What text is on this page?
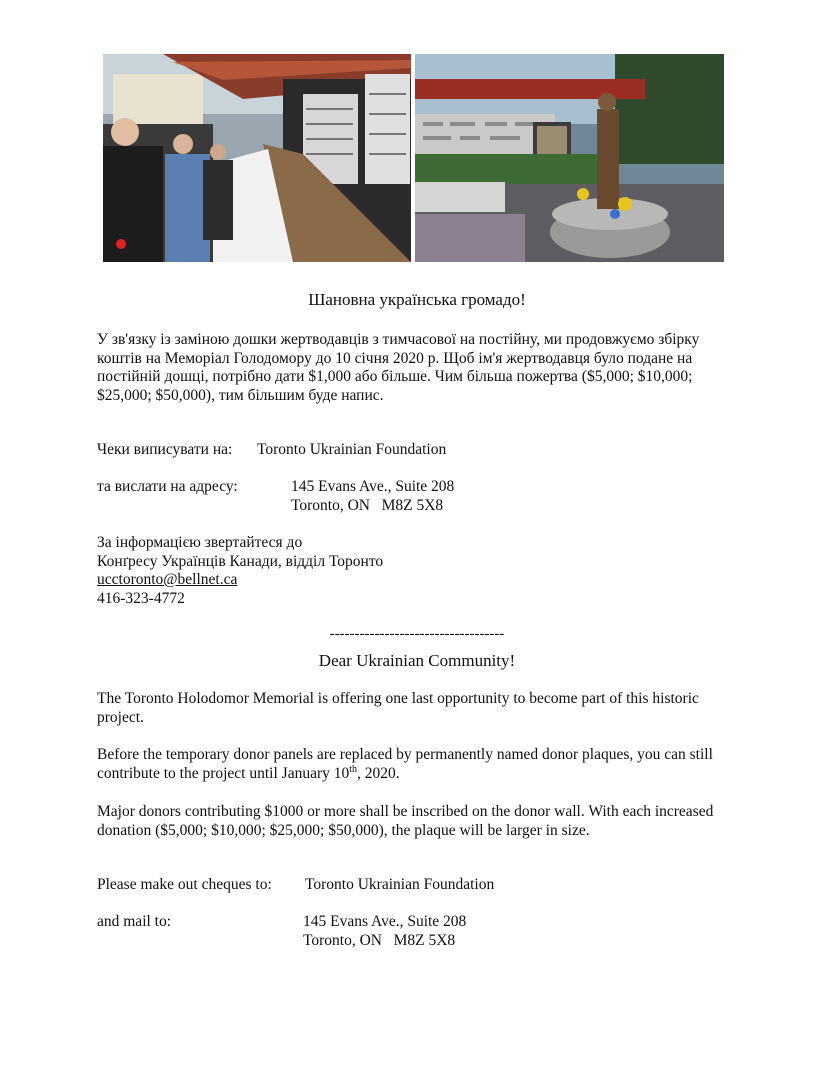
Шановна українська громадо!

У зв'язку із заміною дошки жертводавців з тимчасової на постійну, ми продовжуємо збірку коштів на Меморіал Голодомору до 10 січня 2020 р. Щоб ім'я жертводавця було подане на постійній дошці, потрібно дати $1,000 або більше. Чим більша пожертва ($5,000; $10,000; $25,000; $50,000), тим більшим буде напис.

Чеки виписувати на: Toronto Ukrainian Foundation
та вислати на адресу:	145 Evans Ave., Suite 208
Toronto, ON   M8Z 5X8
За інформацією звертайтеся до
Конґресу Українців Канади, відділ Торонто
ucctoronto@bellnet.ca
416-323-4772

-----------------------------------

Dear Ukrainian Community!

The Toronto Holodomor Memorial is offering one last opportunity to become part of this historic project.

Before the temporary donor panels are replaced by permanently named donor plaques, you can still contribute to the project until January 10th, 2020.

Major donors contributing $1000 or more shall be inscribed on the donor wall. With each increased donation ($5,000; $10,000; $25,000; $50,000), the plaque will be larger in size.

Please make out cheques to: Toronto Ukrainian Foundation
and mail to:	145 Evans Ave., Suite 208
Toronto, ON   M8Z 5X8
